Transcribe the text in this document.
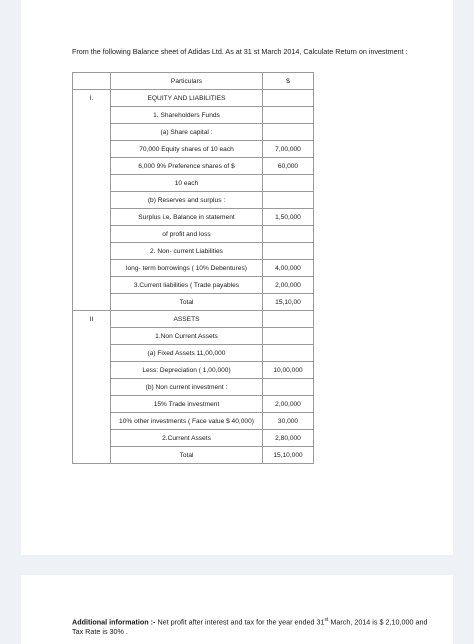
From the following Balance sheet of Adidas Ltd. As at 31 st March 2014, Calculate Return on investment :
	Particulars	$
I.	EQUITY AND LIABILITIES	
	1. Shareholders Funds	
	(a) Share capital :	
	70,000 Equity shares of 10 each	7,00,000
	6,000 9% Preference shares of $	60,000
	10 each	
	(b) Reserves and surplus :	
	Surplus i.e. Balance in statement	1,50,000
	of profit and loss	
	2. Non- current Liabilities	
	long- term borrowings ( 10% Debentures)	4,00,000
	3.Current liabilities ( Trade payables	2,00,000
	Total	15,10,00
II	ASSETS	
	1.Non Current Assets	
	(a) Fixed Assets 11,00,000	
	Less: Depreciation ( 1,00,000)	10,00,000
	(b) Non current investment :	
	15% Trade investment	2,00,000
	10% other investments ( Face value $ 40,000)	30,000
	2.Current Assets	2,80,000
	Total	15,10,000
Additional information :- Net profit after interest and tax for the year ended 31st March, 2014 is $ 2,10,000 and Tax Rate is 30% .
